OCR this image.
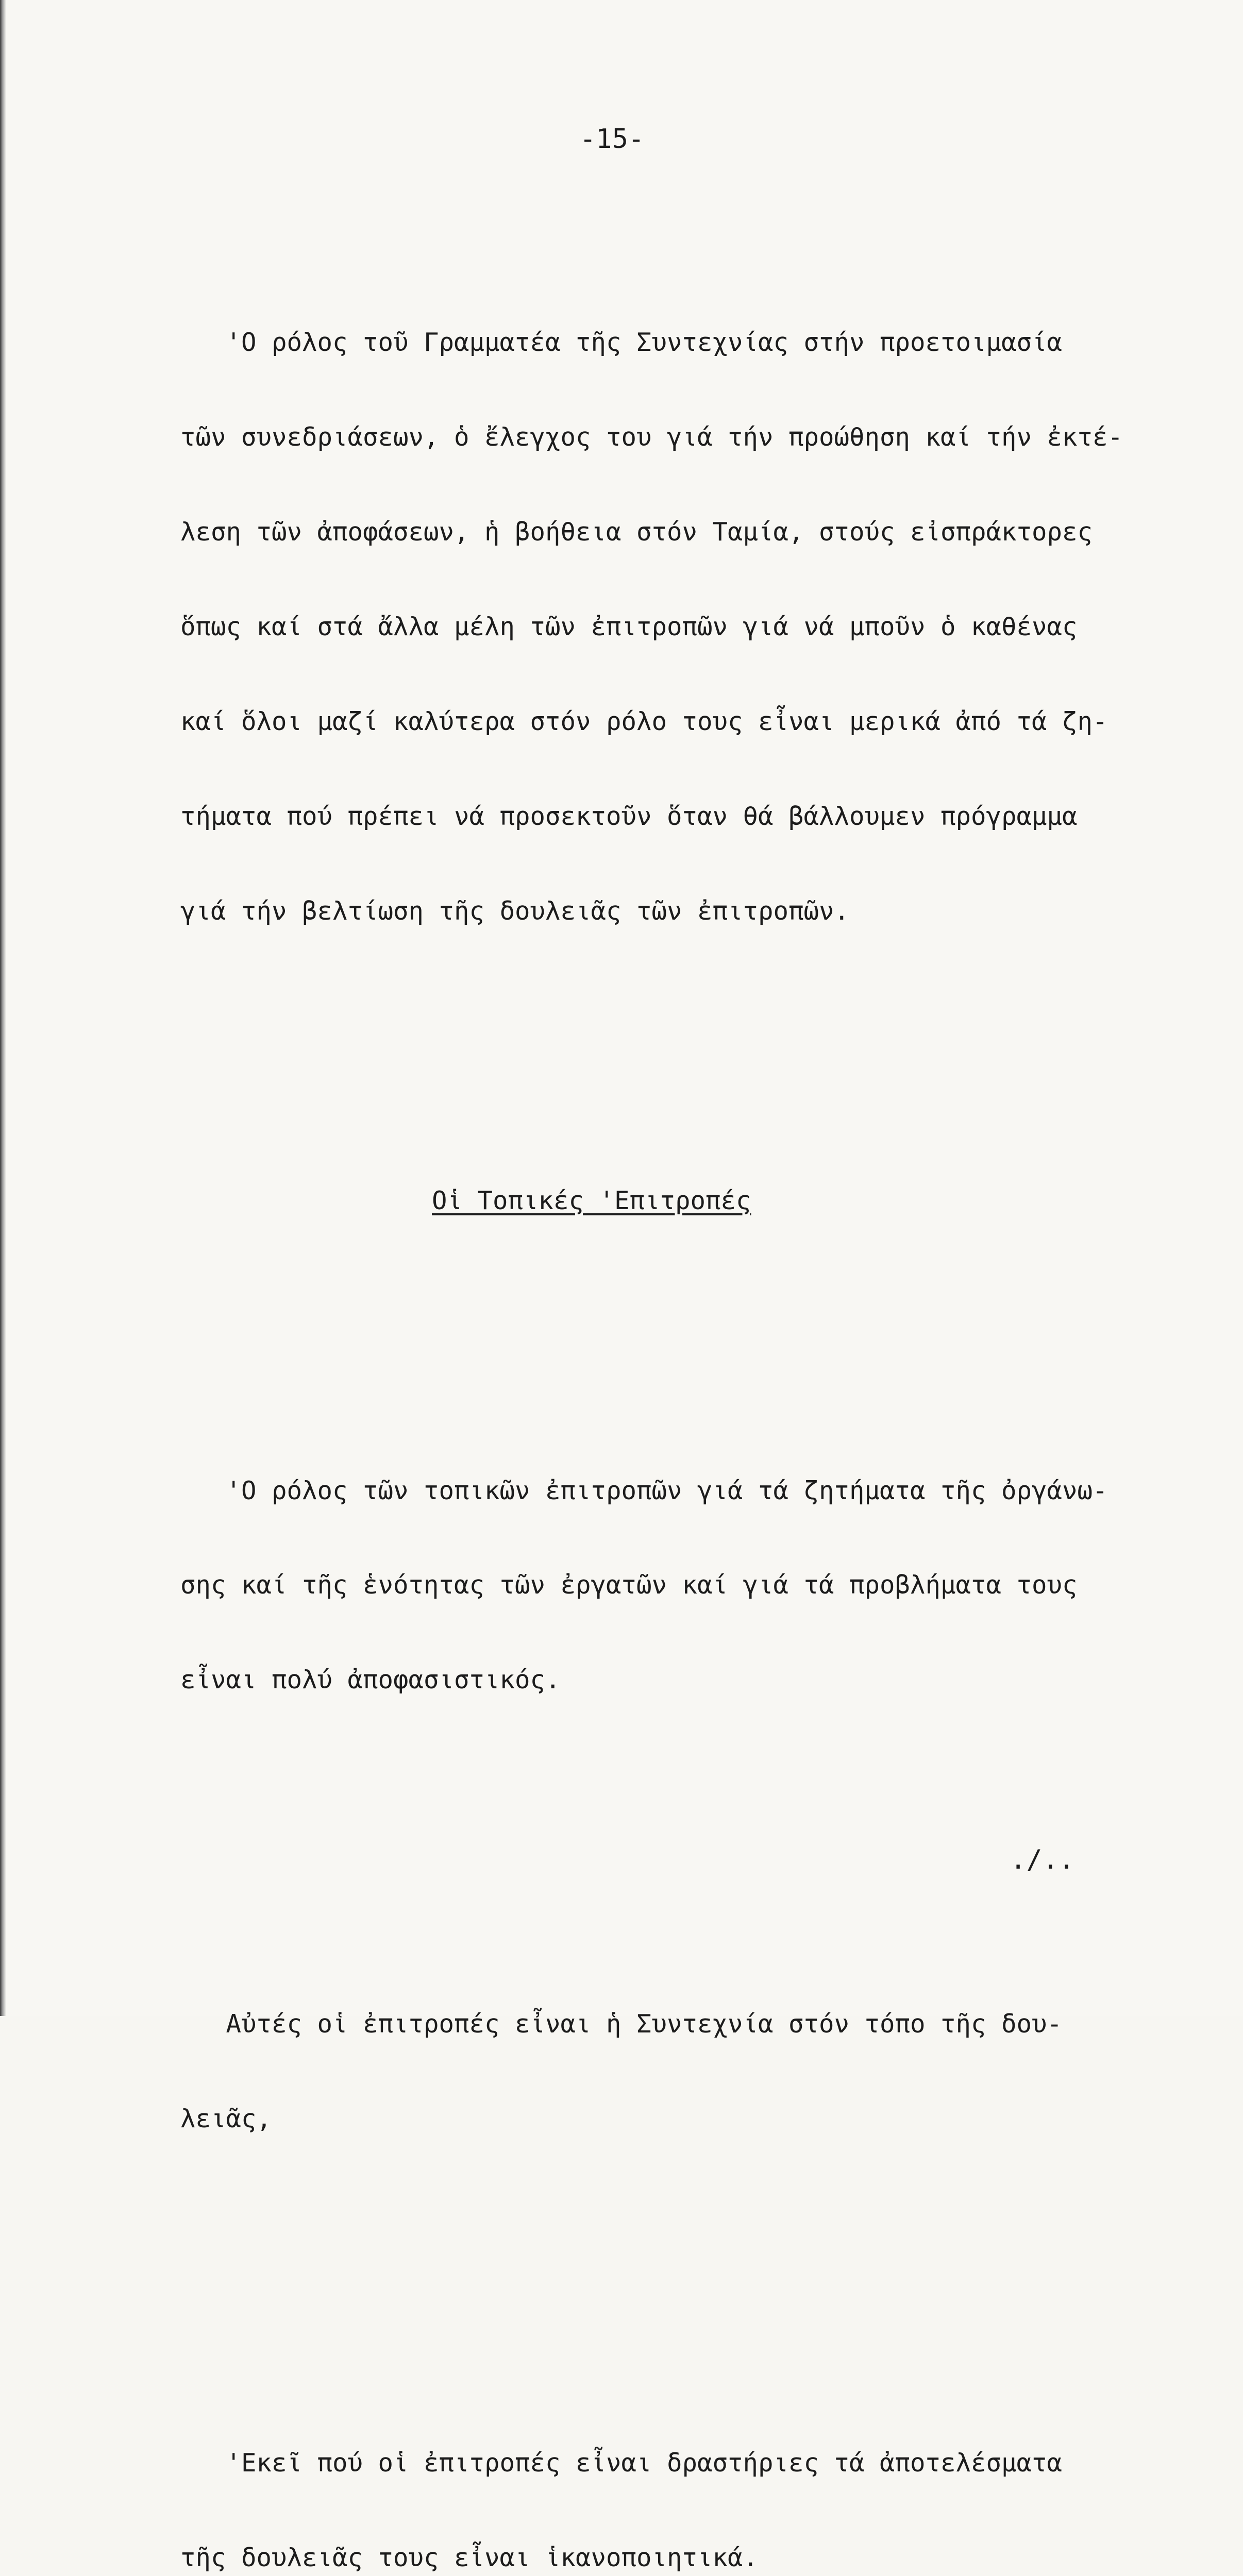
-15-

'Ο ρόλος τοῦ Γραμματέα τῆς Συντεχνίας στήν προετοιμασία

τῶν συνεδριάσεων, ὁ ἔλεγχος του γιά τήν προώθηση καί τήν ἐκτέ-

λεση τῶν ἀποφάσεων, ἡ βοήθεια στόν Ταμία, στούς εἰσπράκτορες

ὅπως καί στά ἄλλα μέλη τῶν ἐπιτροπῶν γιά νά μποῦν ὁ καθένας

καί ὅλοι μαζί καλύτερα στόν ρόλο τους εἶναι μερικά ἀπό τά ζη-

τήματα πού πρέπει νά προσεκτοῦν ὅταν θά βάλλουμεν πρόγραμμα

γιά τήν βελτίωση τῆς δουλειᾶς τῶν ἐπιτροπῶν.

Οἱ Τοπικές 'Επιτροπές

'Ο ρόλος τῶν τοπικῶν ἐπιτροπῶν γιά τά ζητήματα τῆς ὀργάνω-

σης καί τῆς ἑνότητας τῶν ἐργατῶν καί γιά τά προβλήματα τους

εἶναι πολύ ἀποφασιστικός.

Αὐτές οἱ ἐπιτροπές εἶναι ἡ Συντεχνία στόν τόπο τῆς δου-

λειᾶς,

'Εκεῖ πού οἱ ἐπιτροπές εἶναι δραστήριες τά ἀποτελέσματα

τῆς δουλειᾶς τους εἶναι ἱκανοποιητικά.

./..
